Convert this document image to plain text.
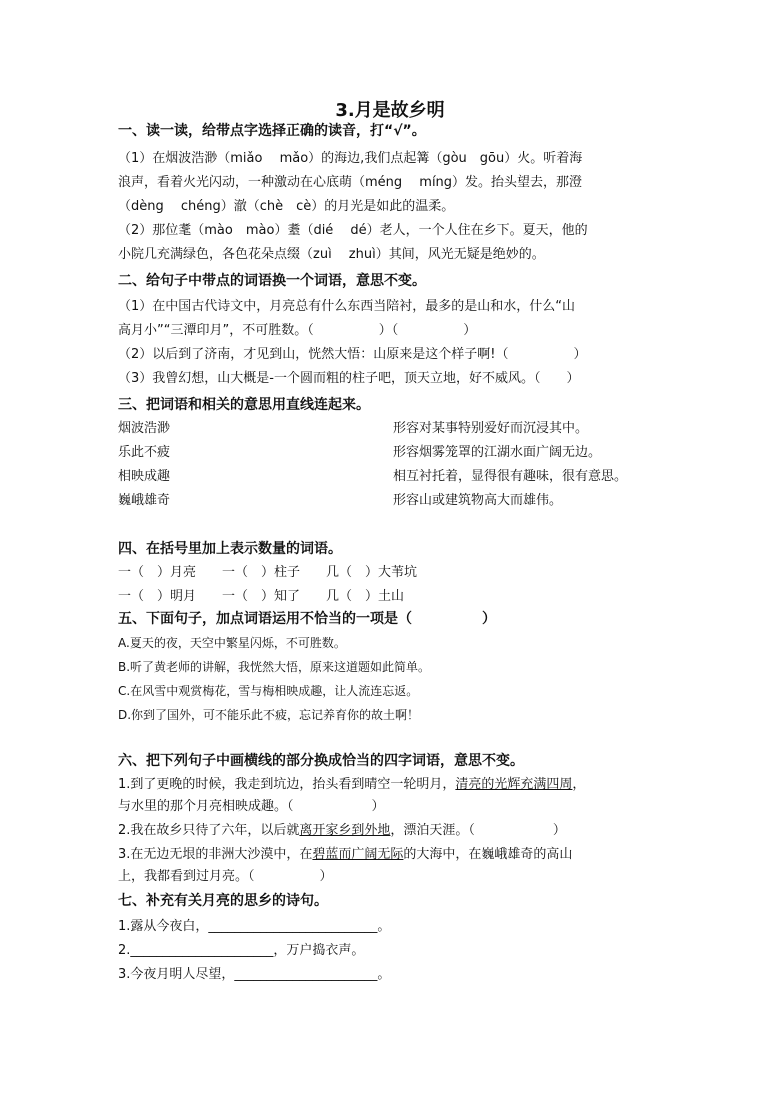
3.月是故乡明
一、读一读，给带点字选择正确的读音，打“√”。
（1）在烟波浩渺（miǎo　 mǎo）的海边,我们点起篝（gòu　gōu）火。听着海
浪声，看着火光闪动，一种激动在心底萌（méng　 míng）发。抬头望去，那澄
（dèng　 chéng）澈（chè　cè）的月光是如此的温柔。
（2）那位耄（mào　mào）耋（dié　 dé）老人，一个人住在乡下。夏天，他的
小院几充满绿色，各色花朵点缀（zuì　 zhuì）其间，风光无疑是绝妙的。
二、给句子中带点的词语换一个词语，意思不变。
（1）在中国古代诗文中，月亮总有什么东西当陪衬，最多的是山和水，什么“山
高月小”“三潭印月”，不可胜数。（　　　　　）（　　　　　）
（2）以后到了济南，才见到山，恍然大悟：山原来是这个样子啊!（　　　　　）
（3）我曾幻想，山大概是-一个圆而粗的柱子吧，顶天立地，好不威风。（　　）
三、把词语和相关的意思用直线连起来。
烟波浩渺	形容对某事特别爱好而沉浸其中。
乐此不疲	形容烟雾笼罩的江湖水面广阔无边。
相映成趣	相互衬托着，显得很有趣味，很有意思。
巍峨雄奇	形容山或建筑物高大而雄伟。
四、在括号里加上表示数量的词语。
一（　）月亮　　一（　）柱子　　几（　）大苇坑
一（　）明月　　一（　）知了　　几（　）土山
五、下面句子，加点词语运用不恰当的一项是（　　　　　）
A.夏天的夜，天空中繁星闪烁，不可胜数。
B.听了黄老师的讲解，我恍然大悟，原来这道题如此简单。
C.在风雪中观赏梅花，雪与梅相映成趣，让人流连忘返。
D.你到了国外，可不能乐此不疲，忘记养育你的故土啊！
六、把下列句子中画横线的部分换成恰当的四字词语，意思不变。
1.到了更晚的时候，我走到坑边，抬头看到晴空一轮明月，清亮的光辉充满四周，
与水里的那个月亮相映成趣。（　　　　　　）
2.我在故乡只待了六年，以后就离开家乡到外地，漂泊天涯。（　　　　　　）
3.在无边无垠的非洲大沙漠中，在碧蓝而广阔无际的大海中，在巍峨雄奇的高山
上，我都看到过月亮。（　　　　　）
七、补充有关月亮的思乡的诗句。
1.露从今夜白，__________________________。
2.______________________，万户捣衣声。
3.今夜月明人尽望，______________________。
